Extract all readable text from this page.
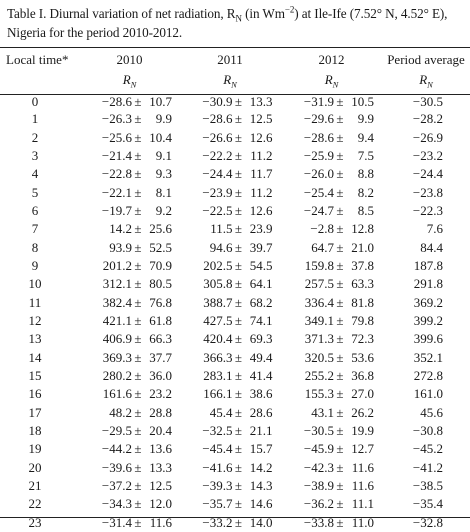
Table I. Diurnal variation of net radiation, $R_N$ (in $Wm^{-2}$) at Ile-Ife (7.52° N, 4.52° E), Nigeria for the period 2010-2012.
Local time*	2010	2011	2012	Period average
	$R_N$	$R_N$	$R_N$	$R_N$
0	−28.6 ± 10.7	−30.9 ± 13.3	−31.9 ± 10.5	−30.5
1	−26.3 ± 9.9	−28.6 ± 12.5	−29.6 ± 9.9	−28.2
2	−25.6 ± 10.4	−26.6 ± 12.6	−28.6 ± 9.4	−26.9
3	−21.4 ± 9.1	−22.2 ± 11.2	−25.9 ± 7.5	−23.2
4	−22.8 ± 9.3	−24.4 ± 11.7	−26.0 ± 8.8	−24.4
5	−22.1 ± 8.1	−23.9 ± 11.2	−25.4 ± 8.2	−23.8
6	−19.7 ± 9.2	−22.5 ± 12.6	−24.7 ± 8.5	−22.3
7	14.2 ± 25.6	11.5 ± 23.9	−2.8 ± 12.8	7.6
8	93.9 ± 52.5	94.6 ± 39.7	64.7 ± 21.0	84.4
9	201.2 ± 70.9	202.5 ± 54.5	159.8 ± 37.8	187.8
10	312.1 ± 80.5	305.8 ± 64.1	257.5 ± 63.3	291.8
11	382.4 ± 76.8	388.7 ± 68.2	336.4 ± 81.8	369.2
12	421.1 ± 61.8	427.5 ± 74.1	349.1 ± 79.8	399.2
13	406.9 ± 66.3	420.4 ± 69.3	371.3 ± 72.3	399.6
14	369.3 ± 37.7	366.3 ± 49.4	320.5 ± 53.6	352.1
15	280.2 ± 36.0	283.1 ± 41.4	255.2 ± 36.8	272.8
16	161.6 ± 23.2	166.1 ± 38.6	155.3 ± 27.0	161.0
17	48.2 ± 28.8	45.4 ± 28.6	43.1 ± 26.2	45.6
18	−29.5 ± 20.4	−32.5 ± 21.1	−30.5 ± 19.9	−30.8
19	−44.2 ± 13.6	−45.4 ± 15.7	−45.9 ± 12.7	−45.2
20	−39.6 ± 13.3	−41.6 ± 14.2	−42.3 ± 11.6	−41.2
21	−37.2 ± 12.5	−39.3 ± 14.3	−38.9 ± 11.6	−38.5
22	−34.3 ± 12.0	−35.7 ± 14.6	−36.2 ± 11.1	−35.4
23	−31.4 ± 11.6	−33.2 ± 14.0	−33.8 ± 11.0	−32.8
